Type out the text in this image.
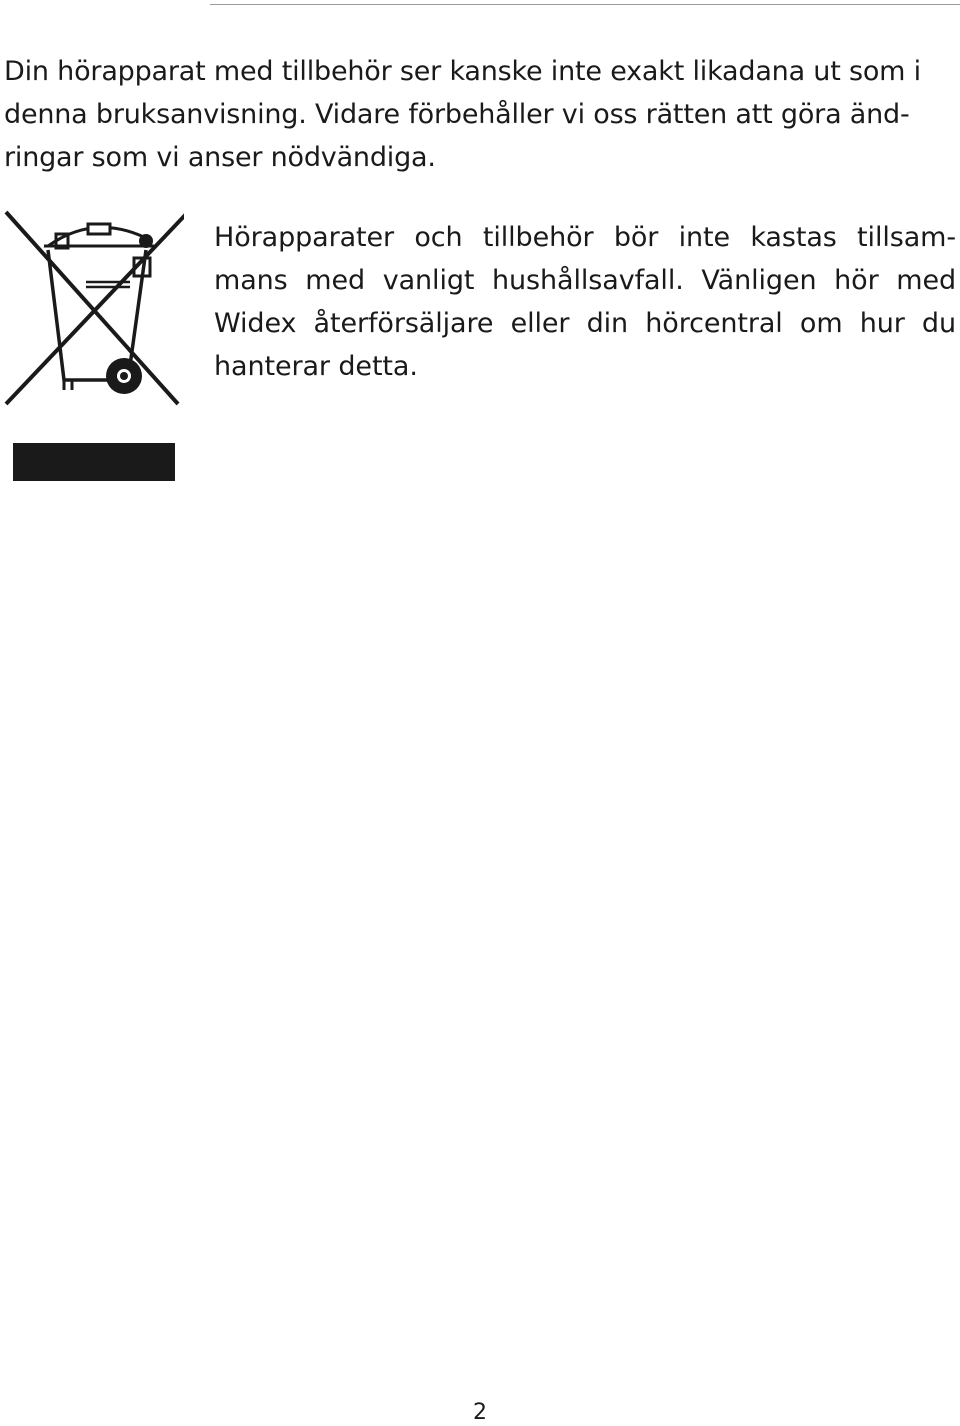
Din hörapparat med tillbehör ser kanske inte exakt likadana ut som i
denna bruksanvisning. Vidare förbehåller vi oss rätten att göra änd-
ringar som vi anser nödvändiga.

Hörapparater och tillbehör bör inte kastas tillsam-
mans med vanligt hushållsavfall. Vänligen hör med
Widex återförsäljare eller din hörcentral om hur du
hanterar detta.

2
